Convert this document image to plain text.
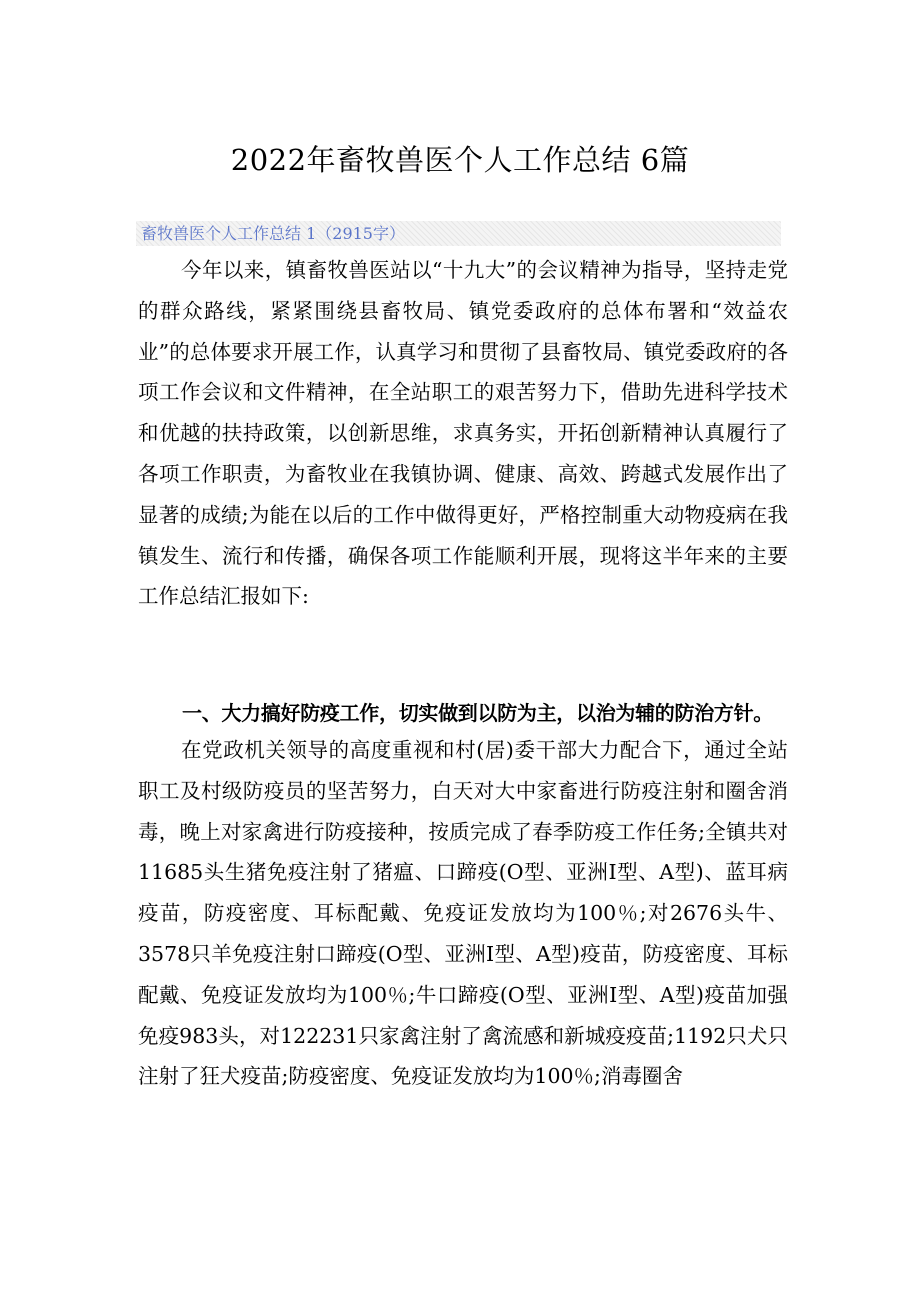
2022年畜牧兽医个人工作总结 6篇
畜牧兽医个人工作总结 1（2915字）

今年以来，镇畜牧兽医站以“十九大”的会议精神为指导，坚持走党的群众路线，紧紧围绕县畜牧局、镇党委政府的总体布署和“效益农业”的总体要求开展工作，认真学习和贯彻了县畜牧局、镇党委政府的各项工作会议和文件精神，在全站职工的艰苦努力下，借助先进科学技术和优越的扶持政策，以创新思维，求真务实，开拓创新精神认真履行了各项工作职责，为畜牧业在我镇协调、健康、高效、跨越式发展作出了显著的成绩;为能在以后的工作中做得更好，严格控制重大动物疫病在我镇发生、流行和传播，确保各项工作能顺利开展，现将这半年来的主要工作总结汇报如下:

一、大力搞好防疫工作，切实做到以防为主，以治为辅的防治方针。

在党政机关领导的高度重视和村(居)委干部大力配合下，通过全站职工及村级防疫员的坚苦努力，白天对大中家畜进行防疫注射和圈舍消毒，晚上对家禽进行防疫接种，按质完成了春季防疫工作任务;全镇共对11685头生猪免疫注射了猪瘟、口蹄疫(O型、亚洲Ⅰ型、A型)、蓝耳病疫苗，防疫密度、耳标配戴、免疫证发放均为100％;对2676头牛、3578只羊免疫注射口蹄疫(O型、亚洲Ⅰ型、A型)疫苗，防疫密度、耳标配戴、免疫证发放均为100％;牛口蹄疫(O型、亚洲Ⅰ型、A型)疫苗加强免疫983头，对122231只家禽注射了禽流感和新城疫疫苗;1192只犬只注射了狂犬疫苗;防疫密度、免疫证发放均为100％;消毒圈舍
